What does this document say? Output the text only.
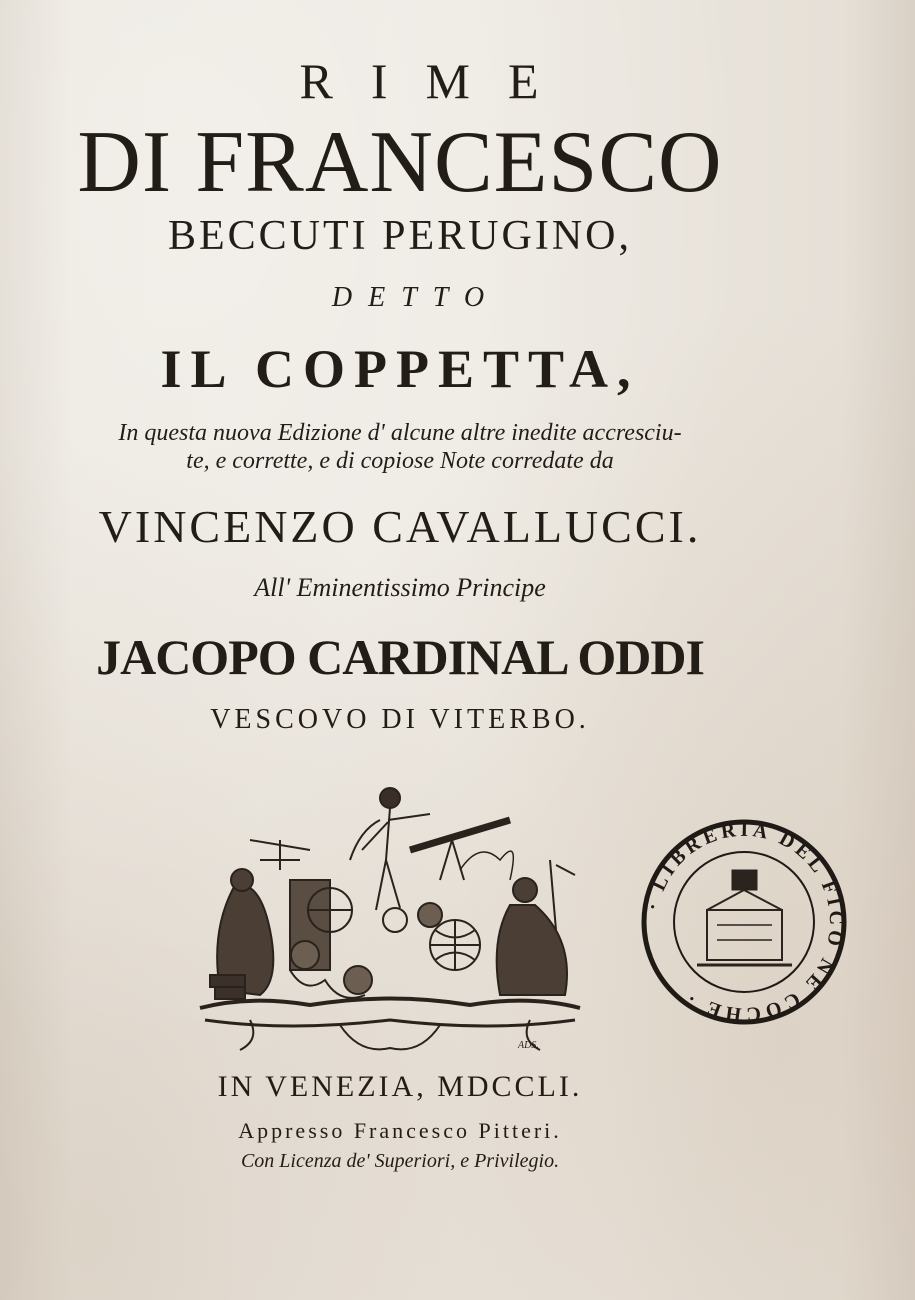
RIME
DI FRANCESCO
BECCUTI PERUGINO,
DETTO
IL COPPETTA,
In questa nuova Edizione d' alcune altre inedite accresciu-
te, e corrette, e di copiose Note corredate da
VINCENZO CAVALLUCCI.
All' Eminentissimo Principe
JACOPO CARDINAL ODDI
VESCOVO DI VITERBO.
ADS.
· LIBRERIA DEL FICO NE COCHE ·
IN VENEZIA, MDCCLI.
Appresso Francesco Pitteri.
Con Licenza de' Superiori, e Privilegio.
